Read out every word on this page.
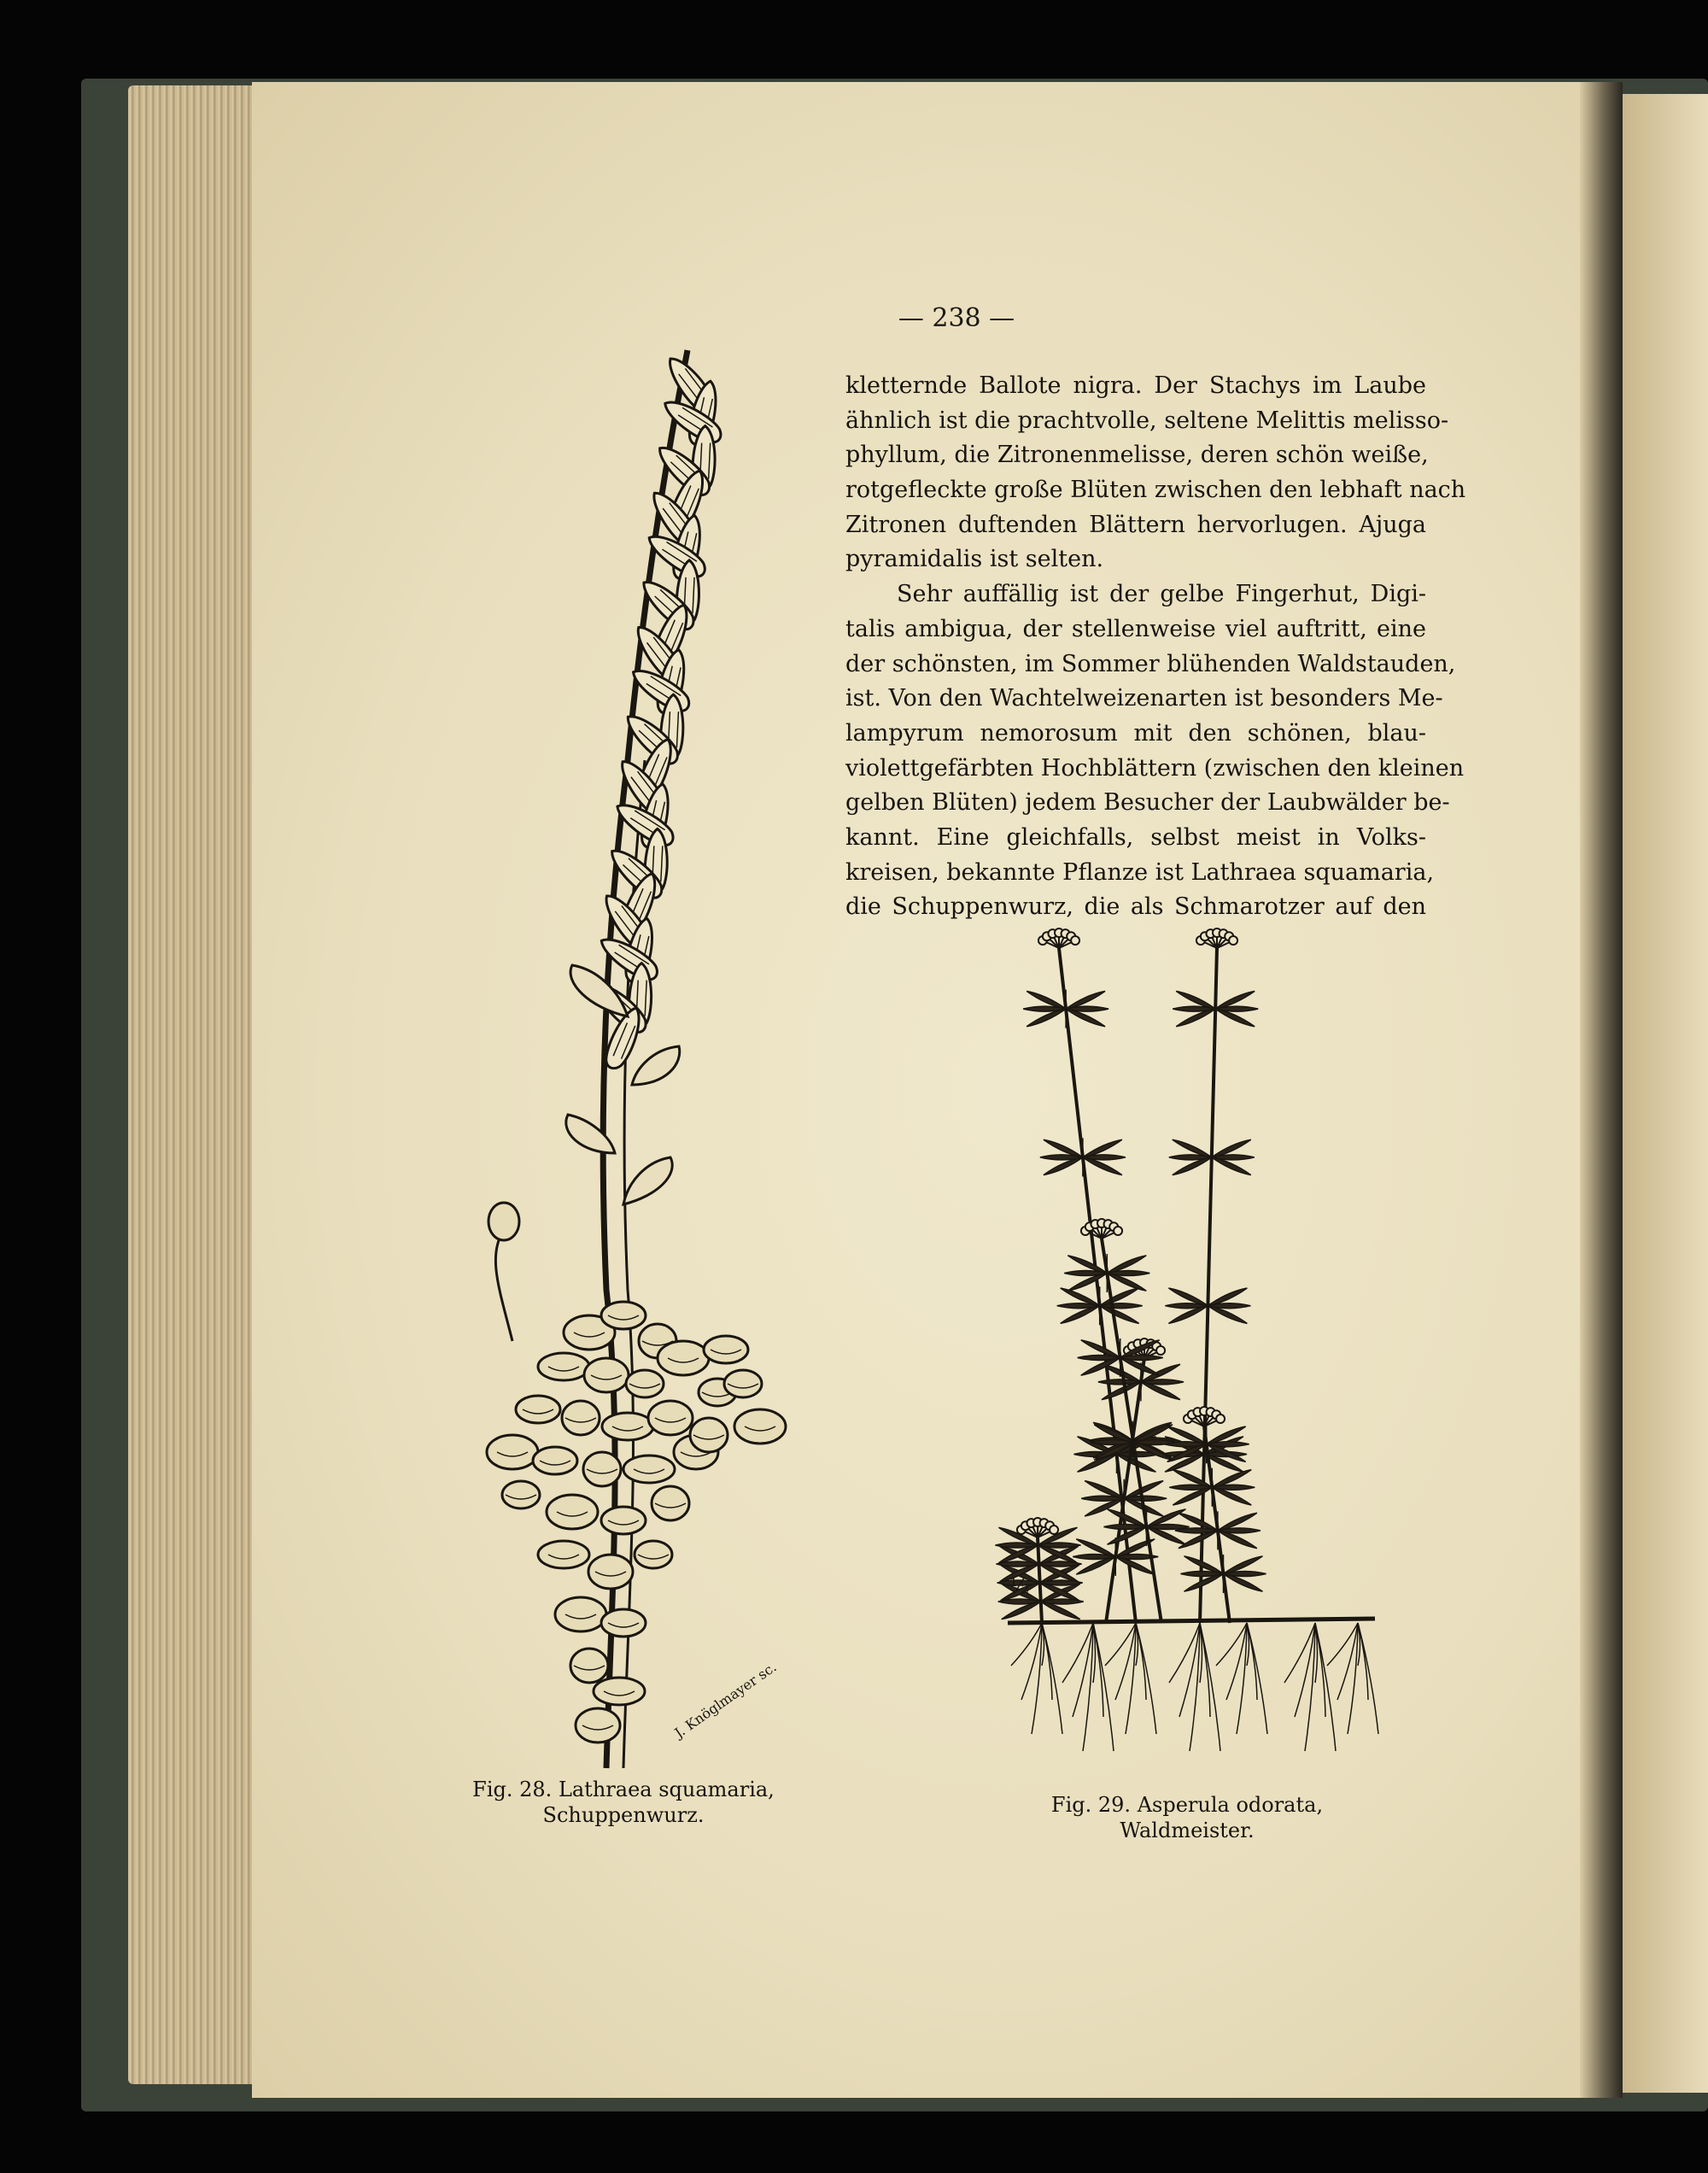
— 238 —
kletternde Ballote nigra. Der Stachys im Laube
ähnlich ist die prachtvolle, seltene Melittis melisso-
phyllum, die Zitronenmelisse, deren schön weiße,
rotgefleckte große Blüten zwischen den lebhaft nach
Zitronen duftenden Blättern hervorlugen. Ajuga
pyramidalis ist selten.
Sehr auffällig ist der gelbe Fingerhut, Digi-
talis ambigua, der stellenweise viel auftritt, eine
der schönsten, im Sommer blühenden Waldstauden,
ist. Von den Wachtelweizenarten ist besonders Me-
lampyrum nemorosum mit den schönen, blau-
violettgefärbten Hochblättern (zwischen den kleinen
gelben Blüten) jedem Besucher der Laubwälder be-
kannt. Eine gleichfalls, selbst meist in Volks-
kreisen, bekannte Pflanze ist Lathraea squamaria,
die Schuppenwurz, die als Schmarotzer auf den
J. Knöglmayer sc.
½
Fig. 28. Lathraea squamaria,
Schuppenwurz.	Fig. 29. Asperula odorata,
Waldmeister.
